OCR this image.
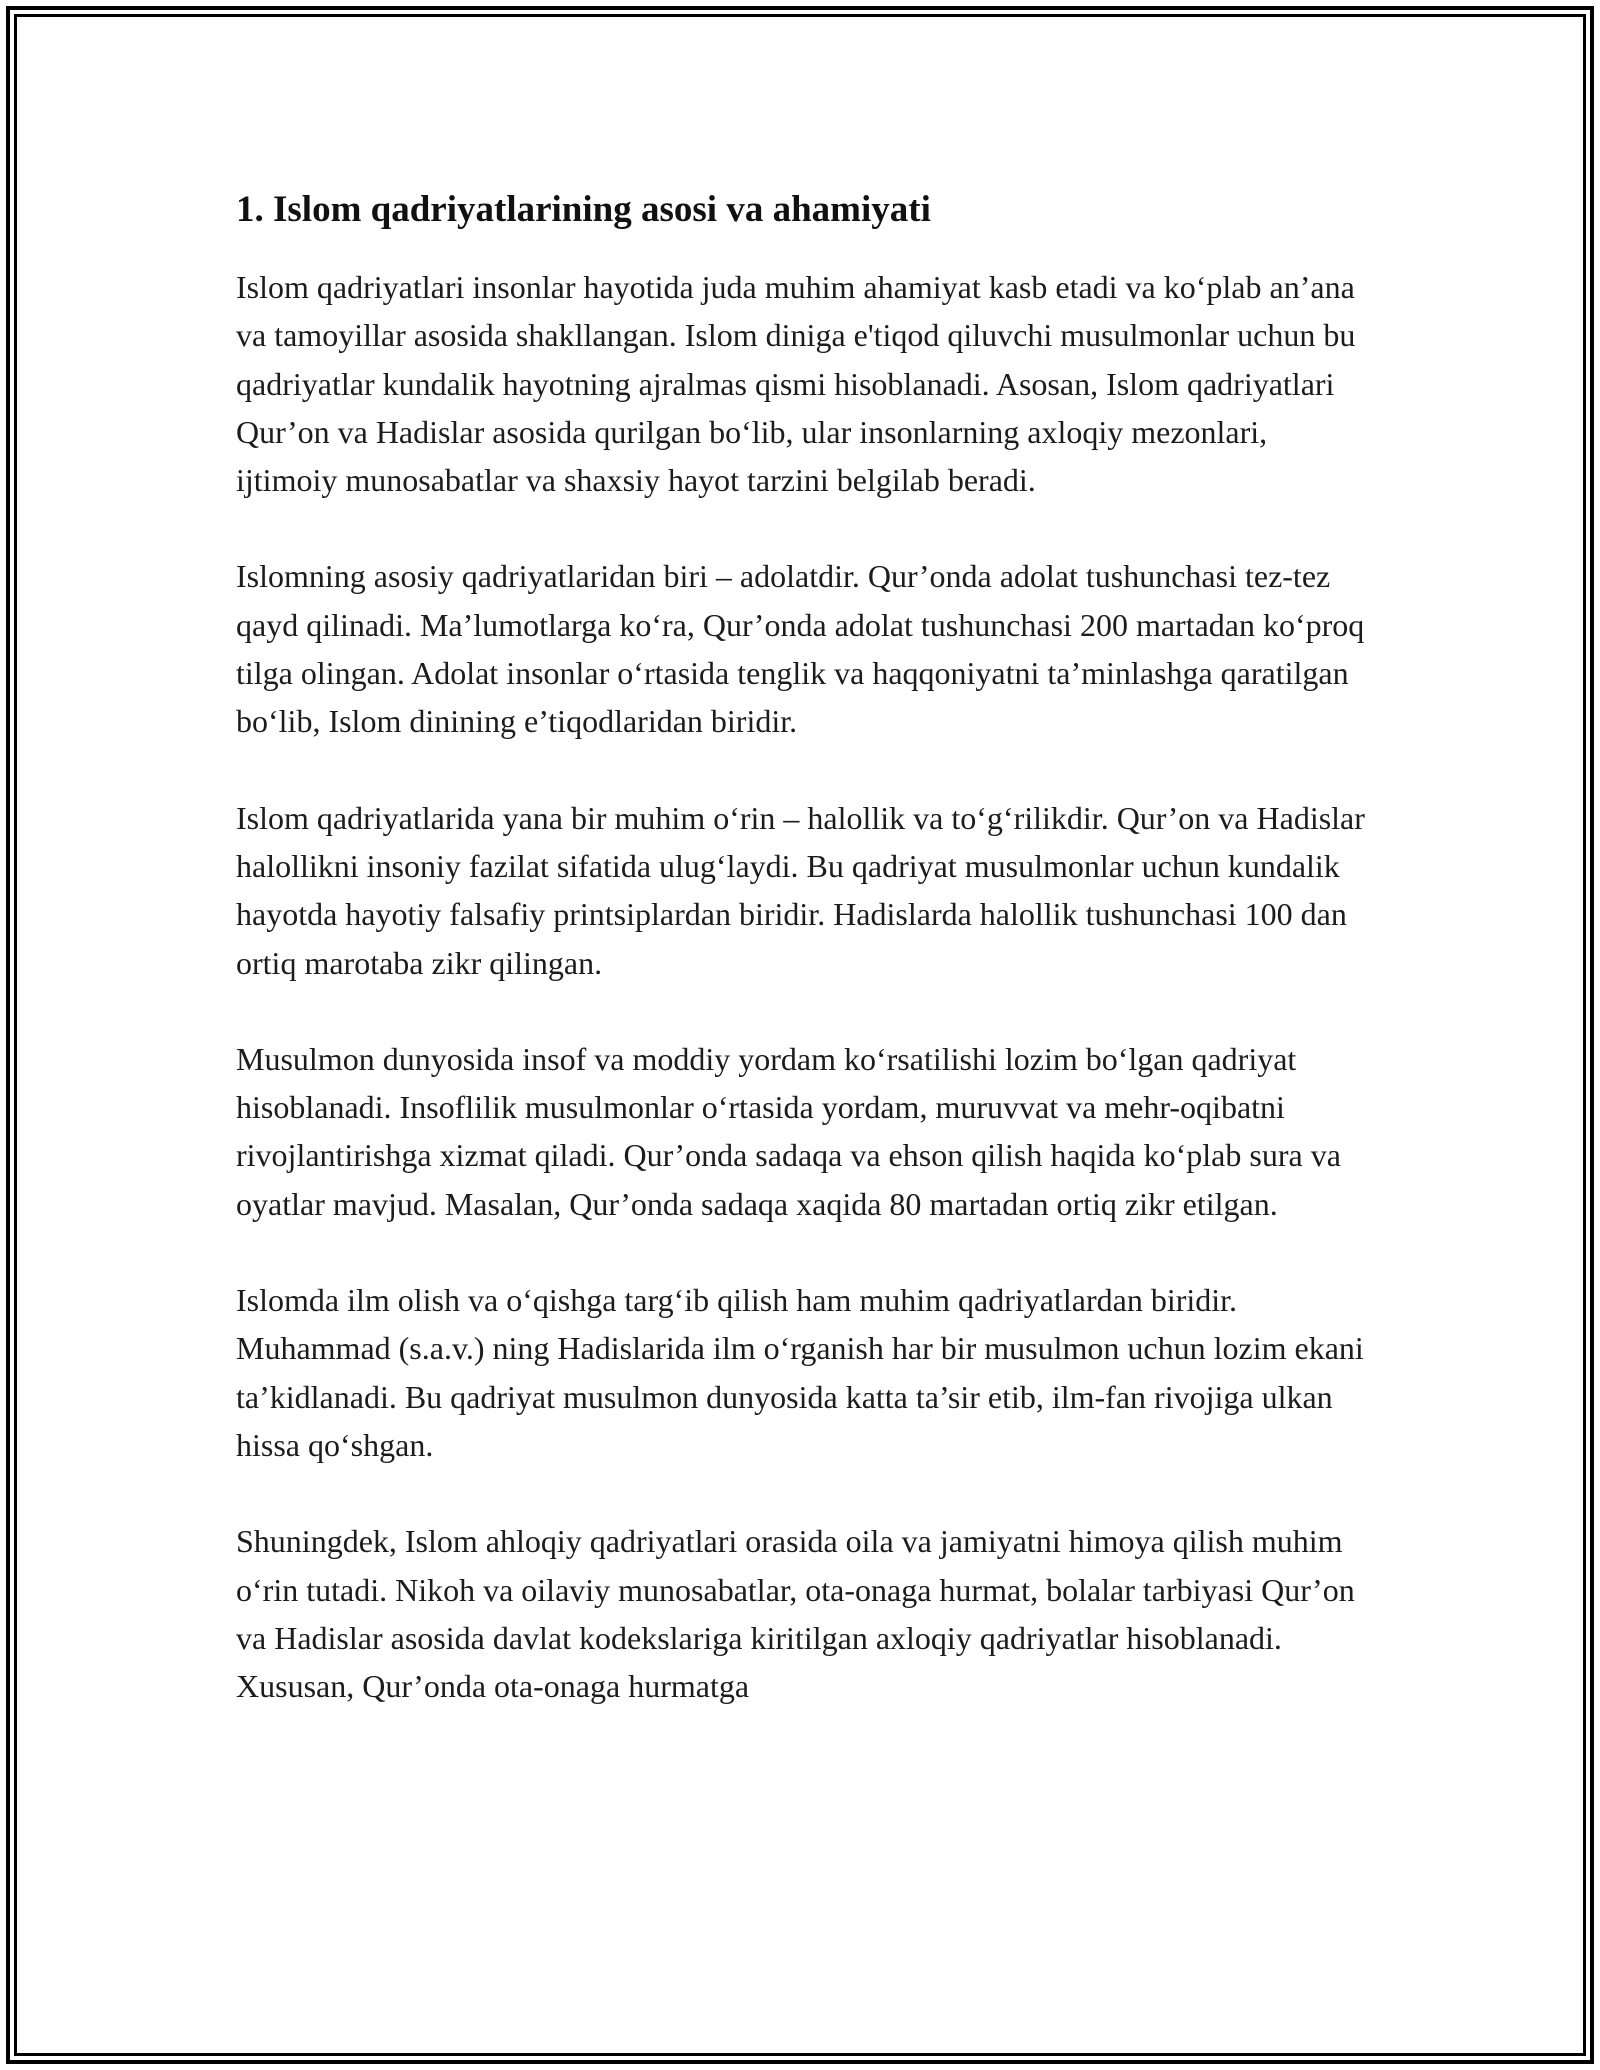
1. Islom qadriyatlarining asosi va ahamiyati

Islom qadriyatlari insonlar hayotida juda muhim ahamiyat kasb etadi va ko‘plab an’ana va tamoyillar asosida shakllangan. Islom diniga e'tiqod qiluvchi musulmonlar uchun bu qadriyatlar kundalik hayotning ajralmas qismi hisoblanadi. Asosan, Islom qadriyatlari Qur’on va Hadislar asosida qurilgan bo‘lib, ular insonlarning axloqiy mezonlari, ijtimoiy munosabatlar va shaxsiy hayot tarzini belgilab beradi.

Islomning asosiy qadriyatlaridan biri – adolatdir. Qur’onda adolat tushunchasi tez-tez qayd qilinadi. Ma’lumotlarga ko‘ra, Qur’onda adolat tushunchasi 200 martadan ko‘proq tilga olingan. Adolat insonlar o‘rtasida tenglik va haqqoniyatni ta’minlashga qaratilgan bo‘lib, Islom dinining e’tiqodlaridan biridir.

Islom qadriyatlarida yana bir muhim o‘rin – halollik va to‘g‘rilikdir. Qur’on va Hadislar halollikni insoniy fazilat sifatida ulug‘laydi. Bu qadriyat musulmonlar uchun kundalik hayotda hayotiy falsafiy printsiplardan biridir. Hadislarda halollik tushunchasi 100 dan ortiq marotaba zikr qilingan.

Musulmon dunyosida insof va moddiy yordam ko‘rsatilishi lozim bo‘lgan qadriyat hisoblanadi. Insoflilik musulmonlar o‘rtasida yordam, muruvvat va mehr-oqibatni rivojlantirishga xizmat qiladi. Qur’onda sadaqa va ehson qilish haqida ko‘plab sura va oyatlar mavjud. Masalan, Qur’onda sadaqa xaqida 80 martadan ortiq zikr etilgan.

Islomda ilm olish va o‘qishga targ‘ib qilish ham muhim qadriyatlardan biridir. Muhammad (s.a.v.) ning Hadislarida ilm o‘rganish har bir musulmon uchun lozim ekani ta’kidlanadi. Bu qadriyat musulmon dunyosida katta ta’sir etib, ilm-fan rivojiga ulkan hissa qo‘shgan.

Shuningdek, Islom ahloqiy qadriyatlari orasida oila va jamiyatni himoya qilish muhim o‘rin tutadi. Nikoh va oilaviy munosabatlar, ota-onaga hurmat, bolalar tarbiyasi Qur’on va Hadislar asosida davlat kodekslariga kiritilgan axloqiy qadriyatlar hisoblanadi. Xususan, Qur’onda ota-onaga hurmatga
